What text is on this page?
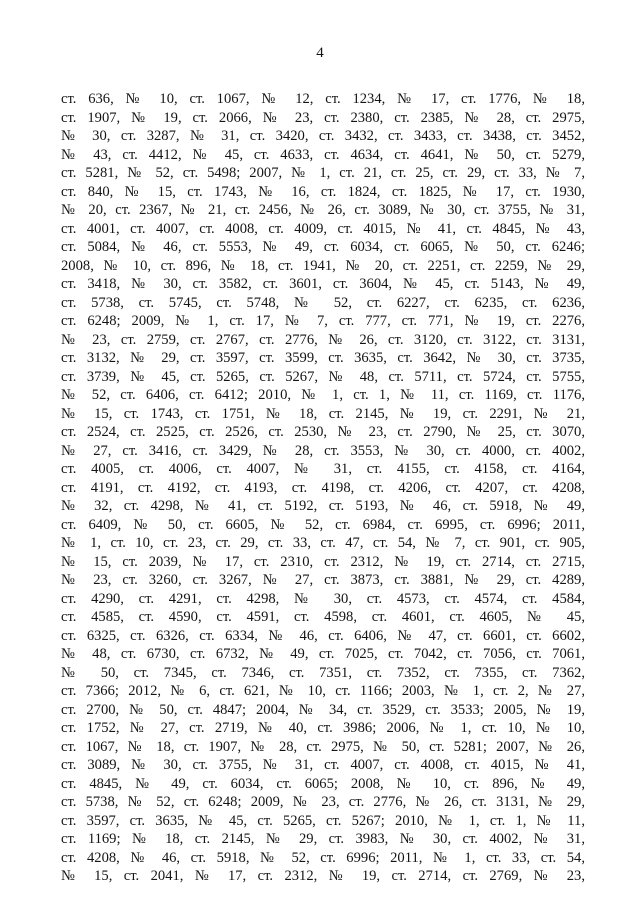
4
ст. 636, № 10, ст. 1067, № 12, ст. 1234, № 17, ст. 1776, № 18,
ст. 1907, № 19, ст. 2066, № 23, ст. 2380, ст. 2385, № 28, ст. 2975,
№ 30, ст. 3287, № 31, ст. 3420, ст. 3432, ст. 3433, ст. 3438, ст. 3452,
№ 43, ст. 4412, № 45, ст. 4633, ст. 4634, ст. 4641, № 50, ст. 5279,
ст. 5281, № 52, ст. 5498; 2007, № 1, ст. 21, ст. 25, ст. 29, ст. 33, № 7,
ст. 840, № 15, ст. 1743, № 16, ст. 1824, ст. 1825, № 17, ст. 1930,
№ 20, ст. 2367, № 21, ст. 2456, № 26, ст. 3089, № 30, ст. 3755, № 31,
ст. 4001, ст. 4007, ст. 4008, ст. 4009, ст. 4015, № 41, ст. 4845, № 43,
ст. 5084, № 46, ст. 5553, № 49, ст. 6034, ст. 6065, № 50, ст. 6246;
2008, № 10, ст. 896, № 18, ст. 1941, № 20, ст. 2251, ст. 2259, № 29,
ст. 3418, № 30, ст. 3582, ст. 3601, ст. 3604, № 45, ст. 5143, № 49,
ст. 5738, ст. 5745, ст. 5748, № 52, ст. 6227, ст. 6235, ст. 6236,
ст. 6248; 2009, № 1, ст. 17, № 7, ст. 777, ст. 771, № 19, ст. 2276,
№ 23, ст. 2759, ст. 2767, ст. 2776, № 26, ст. 3120, ст. 3122, ст. 3131,
ст. 3132, № 29, ст. 3597, ст. 3599, ст. 3635, ст. 3642, № 30, ст. 3735,
ст. 3739, № 45, ст. 5265, ст. 5267, № 48, ст. 5711, ст. 5724, ст. 5755,
№ 52, ст. 6406, ст. 6412; 2010, № 1, ст. 1, № 11, ст. 1169, ст. 1176,
№ 15, ст. 1743, ст. 1751, № 18, ст. 2145, № 19, ст. 2291, № 21,
ст. 2524, ст. 2525, ст. 2526, ст. 2530, № 23, ст. 2790, № 25, ст. 3070,
№ 27, ст. 3416, ст. 3429, № 28, ст. 3553, № 30, ст. 4000, ст. 4002,
ст. 4005, ст. 4006, ст. 4007, № 31, ст. 4155, ст. 4158, ст. 4164,
ст. 4191, ст. 4192, ст. 4193, ст. 4198, ст. 4206, ст. 4207, ст. 4208,
№ 32, ст. 4298, № 41, ст. 5192, ст. 5193, № 46, ст. 5918, № 49,
ст. 6409, № 50, ст. 6605, № 52, ст. 6984, ст. 6995, ст. 6996; 2011,
№ 1, ст. 10, ст. 23, ст. 29, ст. 33, ст. 47, ст. 54, № 7, ст. 901, ст. 905,
№ 15, ст. 2039, № 17, ст. 2310, ст. 2312, № 19, ст. 2714, ст. 2715,
№ 23, ст. 3260, ст. 3267, № 27, ст. 3873, ст. 3881, № 29, ст. 4289,
ст. 4290, ст. 4291, ст. 4298, № 30, ст. 4573, ст. 4574, ст. 4584,
ст. 4585, ст. 4590, ст. 4591, ст. 4598, ст. 4601, ст. 4605, № 45,
ст. 6325, ст. 6326, ст. 6334, № 46, ст. 6406, № 47, ст. 6601, ст. 6602,
№ 48, ст. 6730, ст. 6732, № 49, ст. 7025, ст. 7042, ст. 7056, ст. 7061,
№ 50, ст. 7345, ст. 7346, ст. 7351, ст. 7352, ст. 7355, ст. 7362,
ст. 7366; 2012, № 6, ст. 621, № 10, ст. 1166; 2003, № 1, ст. 2, № 27,
ст. 2700, № 50, ст. 4847; 2004, № 34, ст. 3529, ст. 3533; 2005, № 19,
ст. 1752, № 27, ст. 2719, № 40, ст. 3986; 2006, № 1, ст. 10, № 10,
ст. 1067, № 18, ст. 1907, № 28, ст. 2975, № 50, ст. 5281; 2007, № 26,
ст. 3089, № 30, ст. 3755, № 31, ст. 4007, ст. 4008, ст. 4015, № 41,
ст. 4845, № 49, ст. 6034, ст. 6065; 2008, № 10, ст. 896, № 49,
ст. 5738, № 52, ст. 6248; 2009, № 23, ст. 2776, № 26, ст. 3131, № 29,
ст. 3597, ст. 3635, № 45, ст. 5265, ст. 5267; 2010, № 1, ст. 1, № 11,
ст. 1169; № 18, ст. 2145, № 29, ст. 3983, № 30, ст. 4002, № 31,
ст. 4208, № 46, ст. 5918, № 52, ст. 6996; 2011, № 1, ст. 33, ст. 54,
№ 15, ст. 2041, № 17, ст. 2312, № 19, ст. 2714, ст. 2769, № 23,
